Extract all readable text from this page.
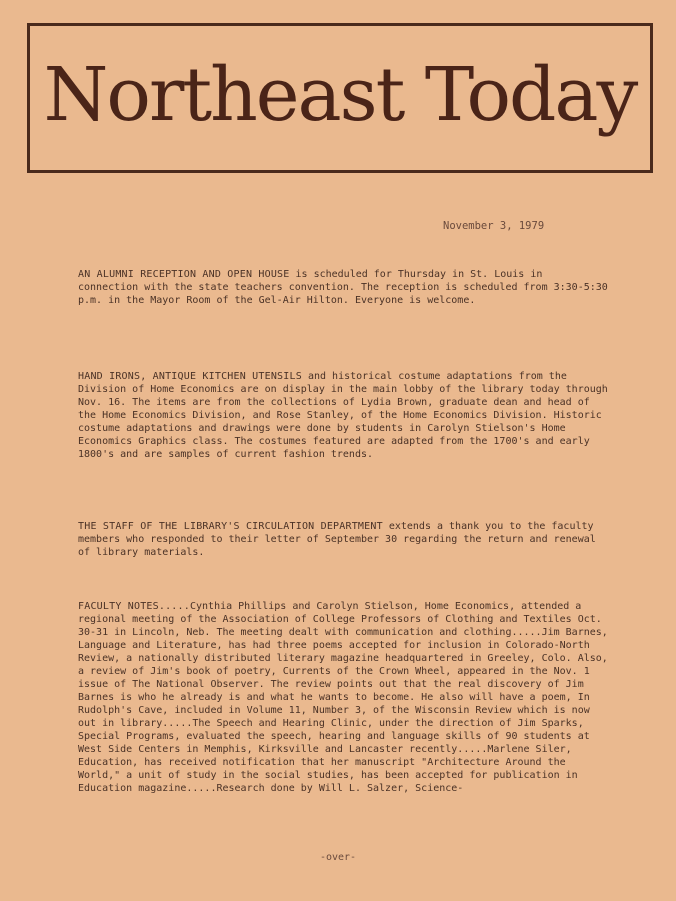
Northeast Today
November 3, 1979
AN ALUMNI RECEPTION AND OPEN HOUSE is scheduled for Thursday in St. Louis in connection with the state teachers convention. The reception is scheduled from 3:30-5:30 p.m. in the Mayor Room of the Gel-Air Hilton. Everyone is welcome.
HAND IRONS, ANTIQUE KITCHEN UTENSILS and historical costume adaptations from the Division of Home Economics are on display in the main lobby of the library today through Nov. 16. The items are from the collections of Lydia Brown, graduate dean and head of the Home Economics Division, and Rose Stanley, of the Home Economics Division. Historic costume adaptations and drawings were done by students in Carolyn Stielson's Home Economics Graphics class. The costumes featured are adapted from the 1700's and early 1800's and are samples of current fashion trends.
THE STAFF OF THE LIBRARY'S CIRCULATION DEPARTMENT extends a thank you to the faculty members who responded to their letter of September 30 regarding the return and renewal of library materials.
FACULTY NOTES.....Cynthia Phillips and Carolyn Stielson, Home Economics, attended a regional meeting of the Association of College Professors of Clothing and Textiles Oct. 30-31 in Lincoln, Neb. The meeting dealt with communication and clothing.....Jim Barnes, Language and Literature, has had three poems accepted for inclusion in Colorado-North Review, a nationally distributed literary magazine headquartered in Greeley, Colo. Also, a review of Jim's book of poetry, Currents of the Crown Wheel, appeared in the Nov. 1 issue of The National Observer. The review points out that the real discovery of Jim Barnes is who he already is and what he wants to become. He also will have a poem, In Rudolph's Cave, included in Volume 11, Number 3, of the Wisconsin Review which is now out in library.....The Speech and Hearing Clinic, under the direction of Jim Sparks, Special Programs, evaluated the speech, hearing and language skills of 90 students at West Side Centers in Memphis, Kirksville and Lancaster recently.....Marlene Siler, Education, has received notification that her manuscript "Architecture Around the World," a unit of study in the social studies, has been accepted for publication in Education magazine.....Research done by Will L. Salzer, Science-
-over-
